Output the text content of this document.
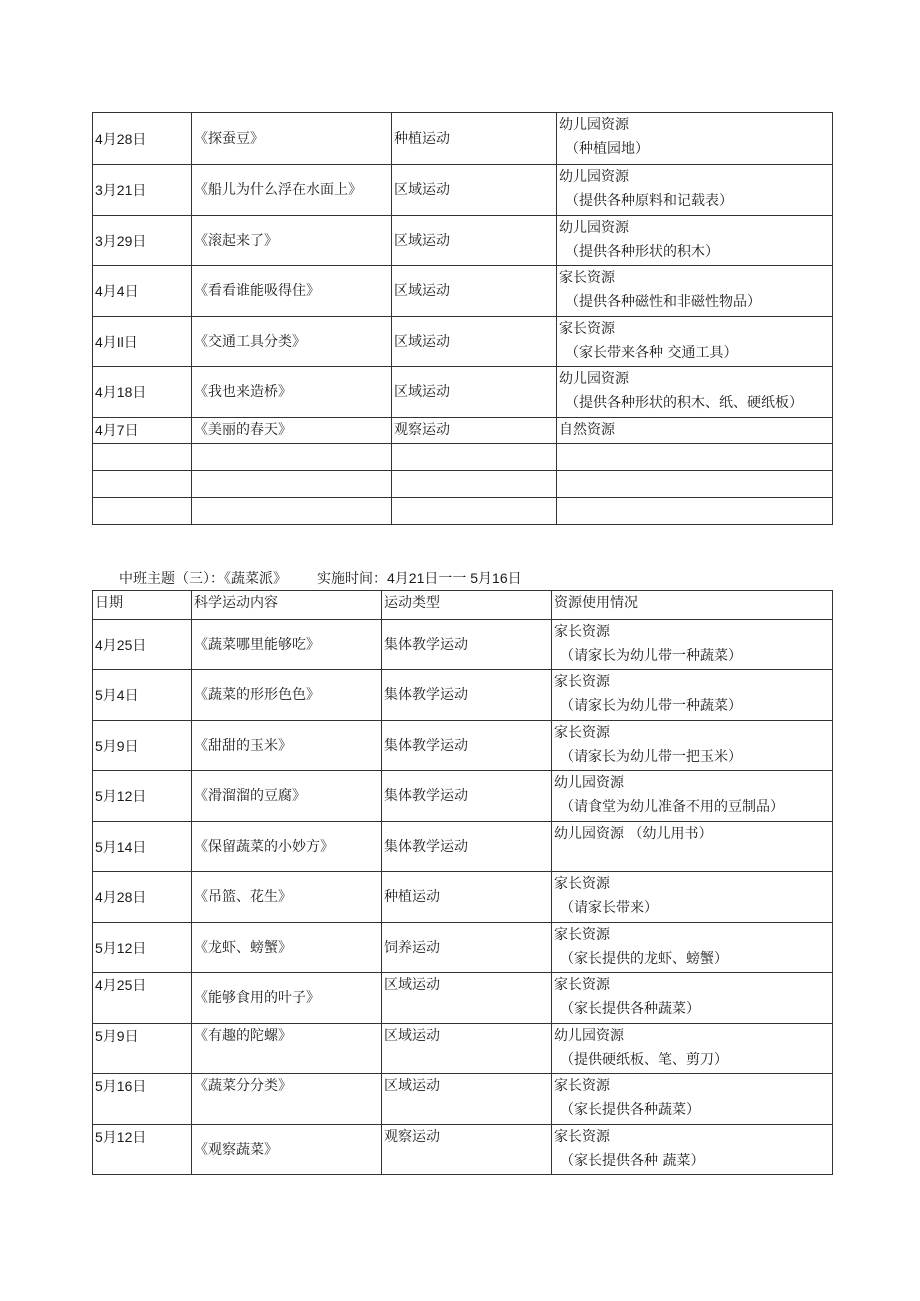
4月28日	《探蚕豆》	种植运动	幼儿园资源
（种植园地）

3月21日	《船儿为什么浮在水面上》	区域运动	幼儿园资源
（提供各种原料和记载表）

3月29日	《滚起来了》	区域运动	幼儿园资源
（提供各种形状的积木）

4月4日	《看看谁能吸得住》	区域运动	家长资源
（提供各种磁性和非磁性物品）

4月Il日	《交通工具分类》	区域运动	家长资源
（家长带来各种 交通工具）

4月18日	《我也来造桥》	区域运动	幼儿园资源
（提供各种形状的积木、纸、硬纸板）

4月7日	《美丽的春天》	观察运动	自然资源

中班主题（三）：《蔬菜派》 实施时间：4月21日一一 5月16日
日期	科学运动内容	运动类型	资源使用情况
4月25日	《蔬菜哪里能够吃》	集体教学运动	家长资源
（请家长为幼儿带一种蔬菜）

5月4日	《蔬菜的形形色色》	集体教学运动	家长资源
（请家长为幼儿带一种蔬菜）

5月9日	《甜甜的玉米》	集体教学运动	家长资源
（请家长为幼儿带一把玉米）

5月12日	《滑溜溜的豆腐》	集体教学运动	幼儿园资源
（请食堂为幼儿准备不用的豆制品）

5月14日	《保留蔬菜的小妙方》	集体教学运动	幼儿园资源 （幼儿用书）
4月28日	《吊篮、花生》	种植运动	家长资源
（请家长带来）

5月12日	《龙虾、螃蟹》	饲养运动	家长资源
（家长提供的龙虾、螃蟹）

4月25日	《能够食用的叶子》	区域运动	家长资源
（家长提供各种蔬菜）

5月9日	《有趣的陀螺》	区域运动	幼儿园资源
（提供硬纸板、笔、剪刀）

5月16日	《蔬菜分分类》	区域运动	家长资源
（家长提供各种蔬菜）

5月12日	《观察蔬菜》	观察运动	家长资源
（家长提供各种 蔬菜）
